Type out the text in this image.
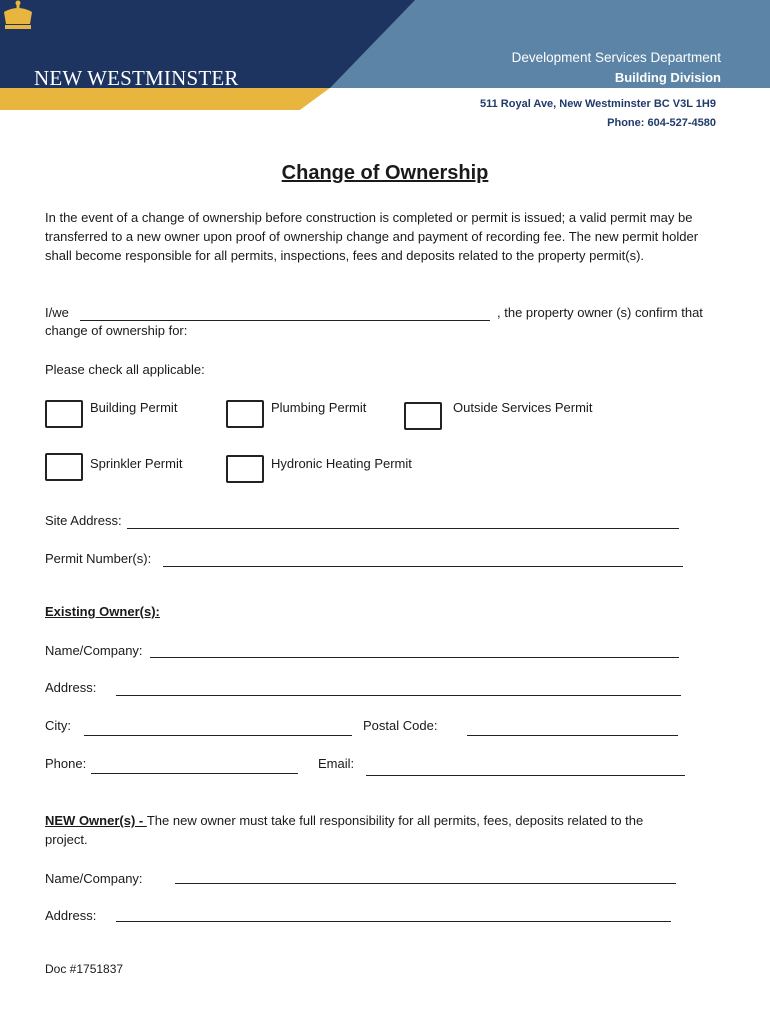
NEW WESTMINSTER
Development Services Department
Building Division
511 Royal Ave, New Westminster BC V3L 1H9
Phone: 604-527-4580
Change of Ownership
In the event of a change of ownership before construction is completed or permit is issued; a valid permit may be transferred to a new owner upon proof of ownership change and payment of recording fee. The new permit holder shall become responsible for all permits, inspections, fees and deposits related to the property permit(s).
I/we	, the property owner (s) confirm that
change of ownership for:
Please check all applicable:
Building Permit	Plumbing Permit	Outside Services Permit
Sprinkler Permit	Hydronic Heating Permit
Site Address:
Permit Number(s):
Existing Owner(s):
Name/Company:
Address:
City:	Postal Code:
Phone:	Email:
NEW Owner(s) - The new owner must take full responsibility for all permits, fees, deposits related to the
project.
Name/Company:
Address:
Doc #1751837
